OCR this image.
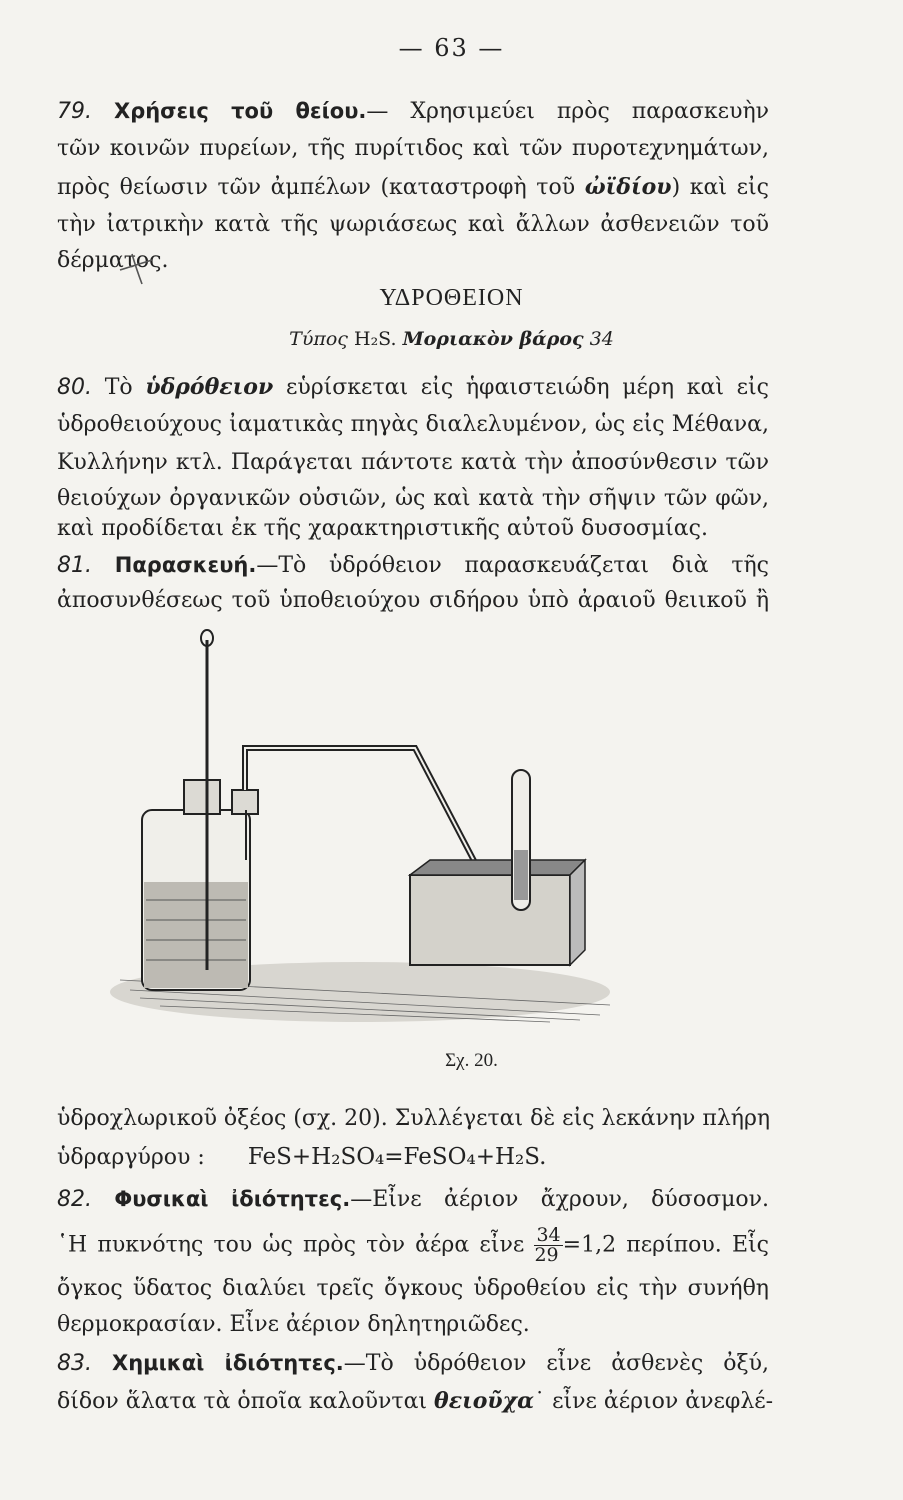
— 63 —
79. Χρήσεις τοῦ θείου.— Χρησιμεύει πρὸς παρασκευὴν
τῶν κοινῶν πυρείων, τῆς πυρίτιδος καὶ τῶν πυροτεχνημάτων,
πρὸς θείωσιν τῶν ἀμπέλων (καταστροφὴ τοῦ ὠϊδίου) καὶ εἰς
τὴν ἰατρικὴν κατὰ τῆς ψωριάσεως καὶ ἄλλων ἀσθενειῶν τοῦ
δέρματος.
ΥΔΡΟΘΕΙΟΝ
Τύπος H₂S. Μοριακὸν βάρος 34
80. Τὸ ὑδρόθειον εὑρίσκεται εἰς ἡφαιστειώδη μέρη καὶ εἰς
ὑδροθειούχους ἰαματικὰς πηγὰς διαλελυμένον, ὡς εἰς Μέθανα,
Κυλλήνην κτλ. Παράγεται πάντοτε κατὰ τὴν ἀποσύνθεσιν τῶν
θειούχων ὀργανικῶν οὐσιῶν, ὡς καὶ κατὰ τὴν σῆψιν τῶν φῶν,
καὶ προδίδεται ἐκ τῆς χαρακτηριστικῆς αὐτοῦ δυσοσμίας.
81. Παρασκευή.—Τὸ ὑδρόθειον παρασκευάζεται διὰ τῆς
ἀποσυνθέσεως τοῦ ὑποθειούχου σιδήρου ὑπὸ ἀραιοῦ θειικοῦ ἢ
Σχ. 20.
ὑδροχλωρικοῦ ὀξέος (σχ. 20). Συλλέγεται δὲ εἰς λεκάνην πλήρη
ὑδραργύρου : FeS+H₂SO₄=FeSO₄+H₂S.
82. Φυσικαὶ ἰδιότητες.—Εἶνε ἀέριον ἄχρουν, δύσοσμον.
῾Η πυκνότης του ὡς πρὸς τὸν ἀέρα εἶνε $\frac{34}{29} =1,2$ περίπου. Εἷς
ὄγκος ὕδατος διαλύει τρεῖς ὄγκους ὑδροθείου εἰς τὴν συνήθη
θερμοκρασίαν. Εἶνε ἀέριον δηλητηριῶδες.
83. Χημικαὶ ἰδιότητες.—Τὸ ὑδρόθειον εἶνε ἀσθενὲς ὀξύ,
δίδον ἅλατα τὰ ὁποῖα καλοῦνται θειοῦχα˙ εἶνε ἀέριον ἀνεφλέ-
